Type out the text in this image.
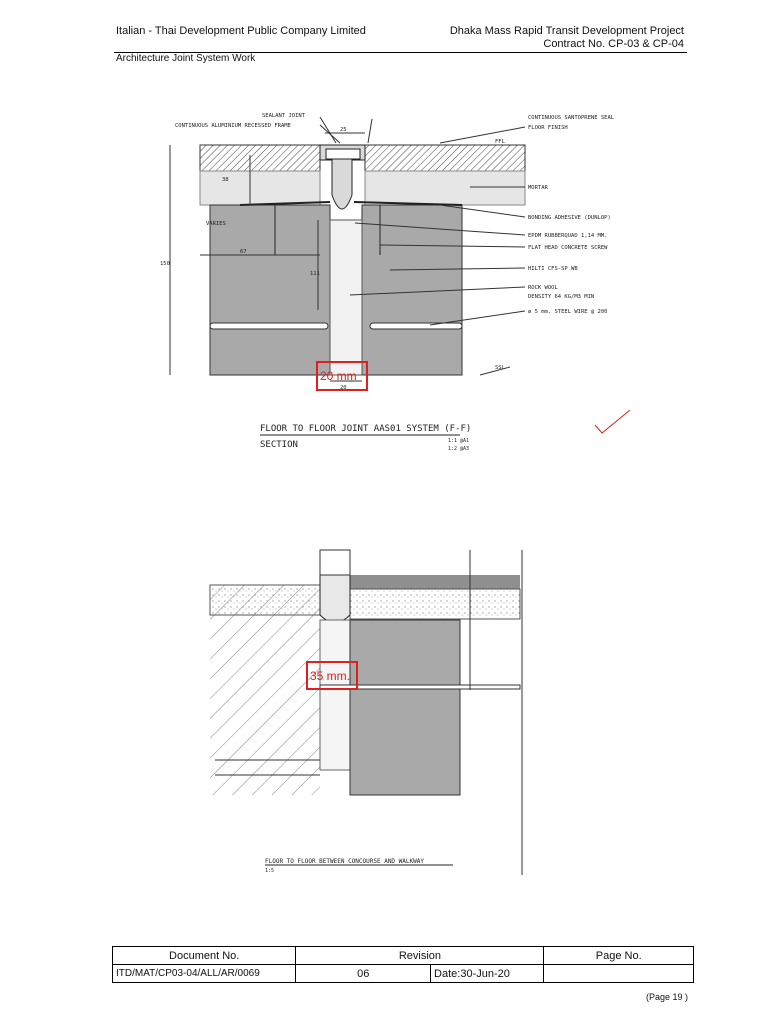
Italian - Thai Development Public Company Limited	Dhaka Mass Rapid Transit Development Project
Contract No. CP-03 & CP-04
Architecture Joint System Work
SEALANT JOINT
CONTINUOUS ALUMINIUM RECESSED FRAME
CONTINUOUS SANTOPRENE SEAL
FLOOR FINISH
FFL
MORTAR
BONDING ADHESIVE (DUNLOP)
EPDM RUBBERQUAD 1,14 MM.
FLAT HEAD CONCRETE SCREW
HILTI CFS-SP WB
ROCK WOOL
DENSITY 64 KG/M3 MIN
ø 5 mm. STEEL WIRE @ 200
SSL
25
38
VARIES
150
67
111
20
20 mm
FLOOR TO FLOOR JOINT AAS01 SYSTEM (F-F)
SECTION	1:1 @A1
1:2 @A3
35 mm.
FLOOR TO FLOOR BETWEEN CONCOURSE AND WALKWAY
1:5
Document No.	Revision		Page No.
ITD/MAT/CP03-04/ALL/AR/0069	06	Date:30-Jun-20	
(Page 19 )
